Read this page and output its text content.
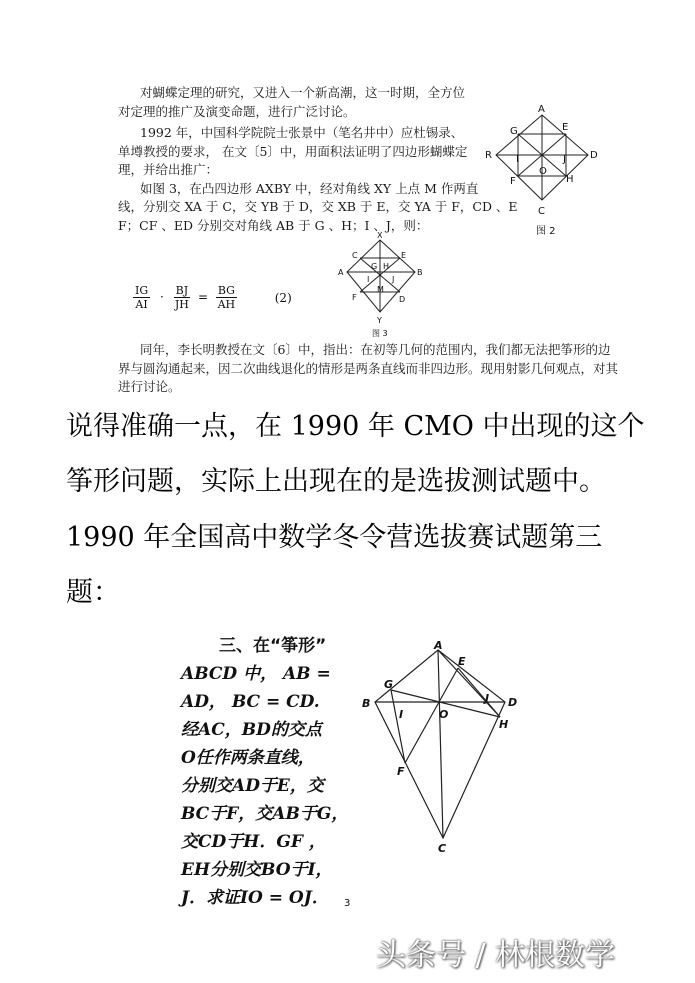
对蝴蝶定理的研究，又进入一个新高潮，这一时期，全方位
对定理的推广及演变命题，进行广泛讨论。
1992 年，中国科学院院士张景中（笔名井中）应杜锡录、
单墫教授的要求， 在文〔5〕中，用面积法证明了四边形蝴蝶定
理，并给出推广：
如图 3，在凸四边形 AXBY 中，经对角线 XY 上点 M 作两直
线，分别交 XA 于 C，交 YB 于 D，交 XB 于 E，交 YA 于 F，CD 、E
F；CF 、ED 分别交对角线 AB 于 G 、H；I 、J，则：
$\frac{IG}{AI} \cdot \frac{BJ}{JH} = \frac{BG}{AH}$	(2)
同年，李长明教授在文〔6〕中，指出：在初等几何的范围内，我们都无法把筝形的边
界与圆沟通起来，因二次曲线退化的情形是两条直线而非四边形。现用射影几何观点，对其
进行讨论。
A
G	E
R	D
I	J
O
F	H
C
图 2
X
C
G H
E
A	B
I	J
M
F	D
Y
图 3
说得准确一点，在 1990 年 CMO 中出现的这个
筝形问题，实际上出现在的是选拔测试题中。
1990 年全国高中数学冬令营选拔赛试题第三
题：
三、在“筝形”
ABCD 中， AB =
AD， BC = CD.
经AC，BD的交点
O任作两条直线，
分别交AD于E，交
BC于F，交AB于G，
交CD于H．GF ，
EH分别交BO于I，
J．求证IO = OJ．
A
E
G
B
I	O
J D
H
F
C
3
头条号 / 林根数学
